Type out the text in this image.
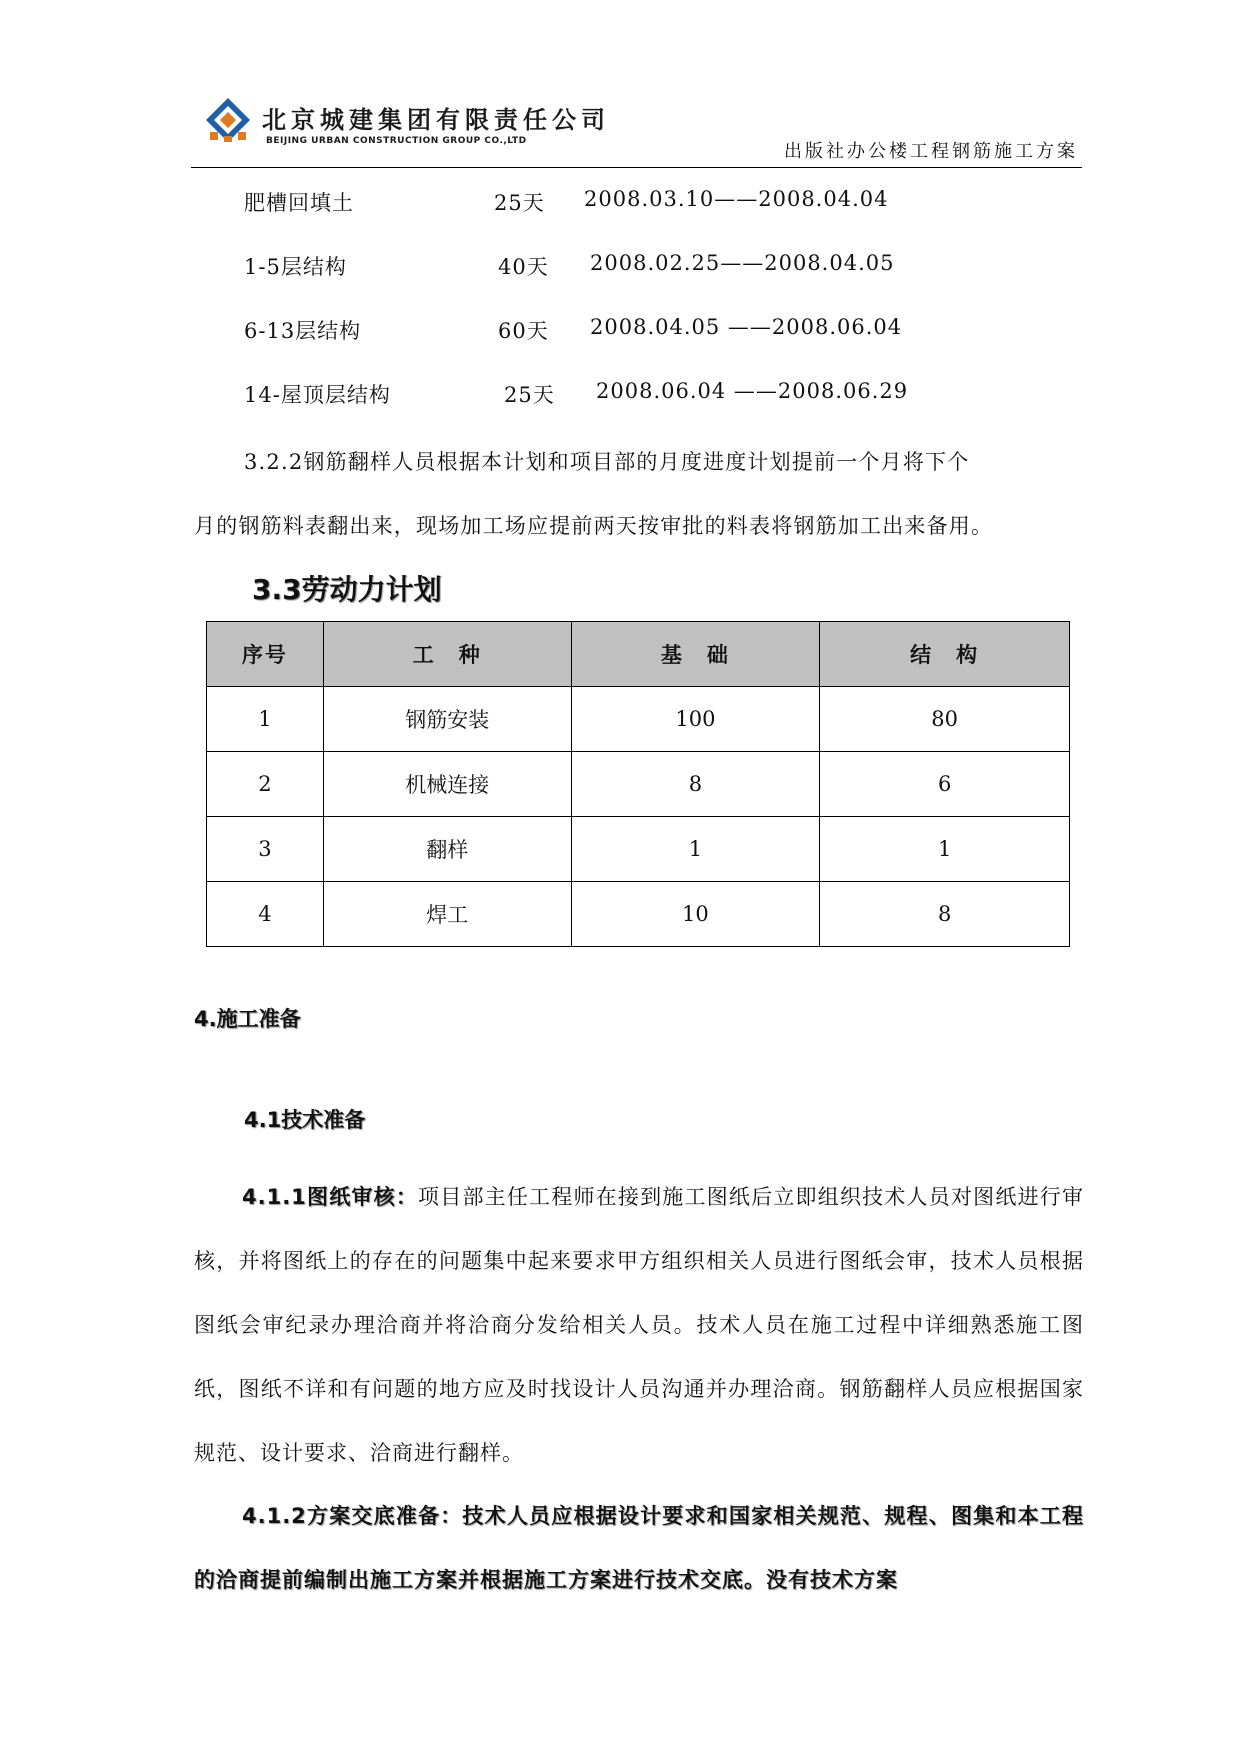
北京城建集团有限责任公司
BEIJING URBAN CONSTRUCTION GROUP CO.,LTD	出版社办公楼工程钢筋施工方案
肥槽回填土	25天 2008.03.10——2008.04.04
1-5层结构	40天 2008.02.25——2008.04.05
6-13层结构	60天 2008.04.05 ——2008.06.04
14-屋顶层结构	25天 2008.06.04 ——2008.06.29
3.2.2钢筋翻样人员根据本计划和项目部的月度进度计划提前一个月将下个
月的钢筋料表翻出来，现场加工场应提前两天按审批的料表将钢筋加工出来备用。
3.3劳动力计划
序号	工　种	基　础	结　构
1	钢筋安装	100	80
2	机械连接	8	6
3	翻样	1	1
4	焊工	10	8
4.施工准备
4.1技术准备
4.1.1图纸审核：项目部主任工程师在接到施工图纸后立即组织技术人员对图纸进行审核，并将图纸上的存在的问题集中起来要求甲方组织相关人员进行图纸会审，技术人员根据图纸会审纪录办理洽商并将洽商分发给相关人员。技术人员在施工过程中详细熟悉施工图纸，图纸不详和有问题的地方应及时找设计人员沟通并办理洽商。钢筋翻样人员应根据国家规范、设计要求、洽商进行翻样。
4.1.2方案交底准备：技术人员应根据设计要求和国家相关规范、规程、图集和本工程的洽商提前编制出施工方案并根据施工方案进行技术交底。没有技术方案
